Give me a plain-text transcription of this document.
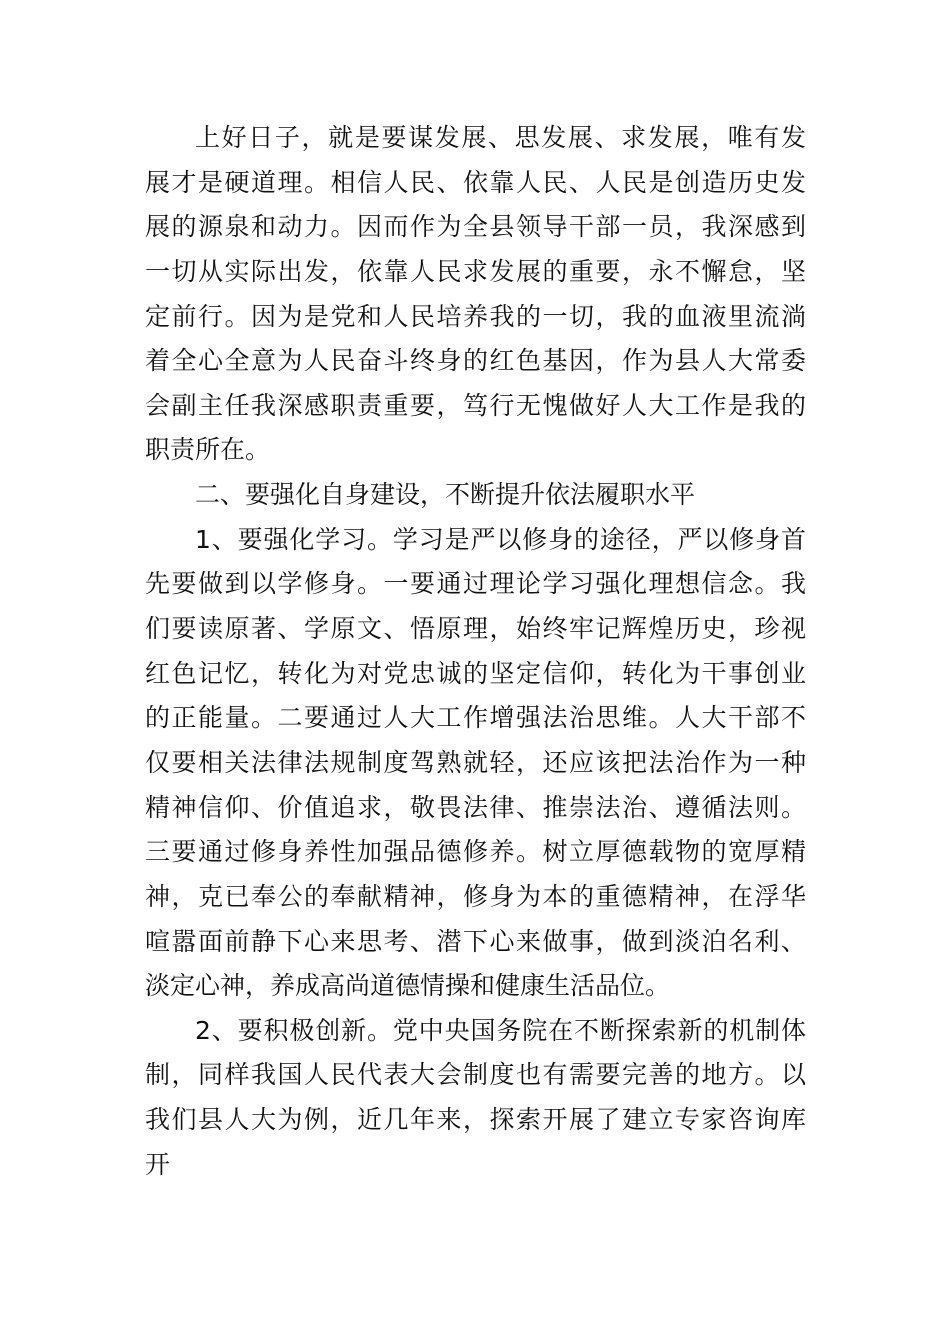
上好日子，就是要谋发展、思发展、求发展，唯有发
展才是硬道理。相信人民、依靠人民、人民是创造历史发
展的源泉和动力。因而作为全县领导干部一员，我深感到
一切从实际出发，依靠人民求发展的重要，永不懈怠，坚
定前行。因为是党和人民培养我的一切，我的血液里流淌
着全心全意为人民奋斗终身的红色基因，作为县人大常委
会副主任我深感职责重要，笃行无愧做好人大工作是我的
职责所在。
二、要强化自身建设，不断提升依法履职水平
1、要强化学习。学习是严以修身的途径，严以修身首
先要做到以学修身。一要通过理论学习强化理想信念。我
们要读原著、学原文、悟原理，始终牢记辉煌历史，珍视
红色记忆，转化为对党忠诚的坚定信仰，转化为干事创业
的正能量。二要通过人大工作增强法治思维。人大干部不
仅要相关法律法规制度驾熟就轻，还应该把法治作为一种
精神信仰、价值追求，敬畏法律、推崇法治、遵循法则。
三要通过修身养性加强品德修养。树立厚德载物的宽厚精
神，克已奉公的奉献精神，修身为本的重德精神，在浮华
喧嚣面前静下心来思考、潜下心来做事，做到淡泊名利、
淡定心神，养成高尚道德情操和健康生活品位。
2、要积极创新。党中央国务院在不断探索新的机制体
制，同样我国人民代表大会制度也有需要完善的地方。以
我们县人大为例，近几年来，探索开展了建立专家咨询库
开
